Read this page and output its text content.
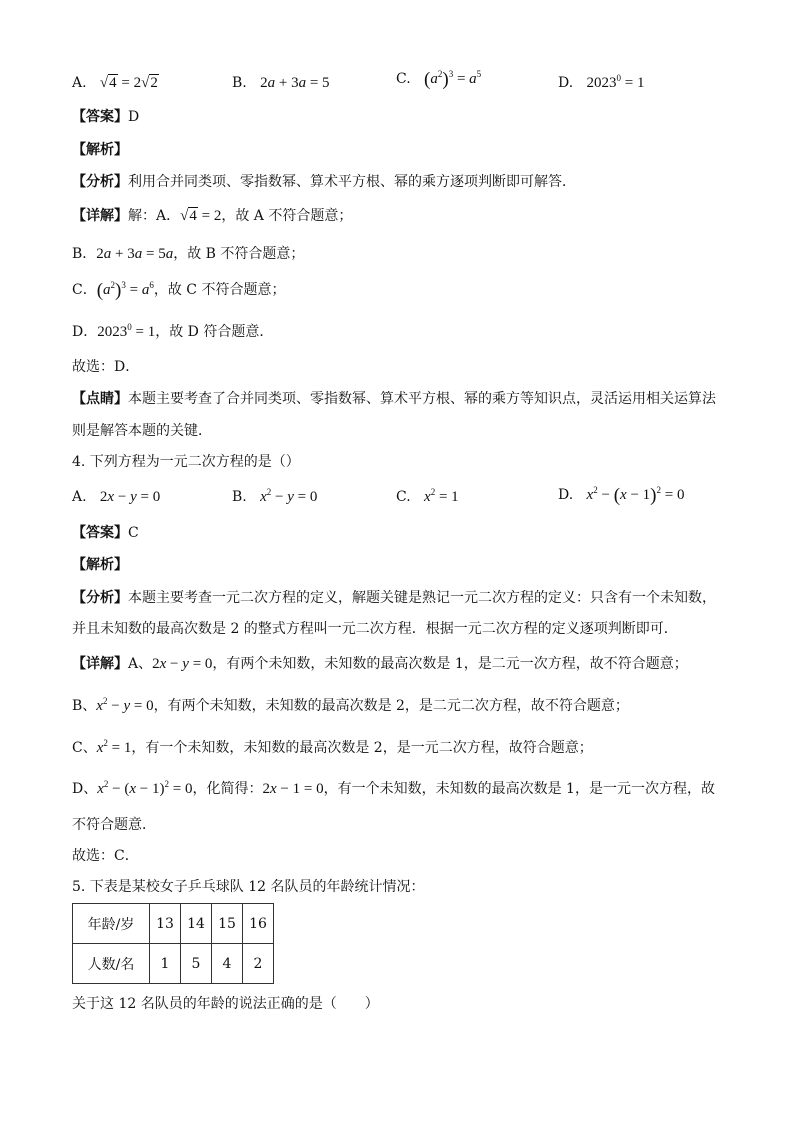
A. √4 = 2√2	B. 2a + 3a = 5	C. $(a^2)^3 = a^5$
D. $2023^0 = 1$
【答案】D
【解析】
【分析】利用合并同类项、零指数幂、算术平方根、幂的乘方逐项判断即可解答．
【详解】解：A．√4 = 2，故 A 不符合题意；
B．2a + 3a = 5a，故 B 不符合题意；
C．$(a^2)^3 = a^6$，故 C 不符合题意；
D．$2023^0 = 1$，故 D 符合题意．
故选：D．
【点睛】本题主要考查了合并同类项、零指数幂、算术平方根、幂的乘方等知识点，灵活运用相关运算法
则是解答本题的关键．
4. 下列方程为一元二次方程的是（）
A. 2x − y = 0	B. $x^2 - y = 0$	C. $x^2 = 1$	D. $x^2 - (x - 1)^2 = 0$
【答案】C
【解析】
【分析】本题主要考查一元二次方程的定义，解题关键是熟记一元二次方程的定义：只含有一个未知数，
并且未知数的最高次数是 2 的整式方程叫一元二次方程．根据一元二次方程的定义逐项判断即可．
【详解】A、2x − y = 0，有两个未知数，未知数的最高次数是 1，是二元一次方程，故不符合题意；
B、$x^2 - y = 0$，有两个未知数，未知数的最高次数是 2，是二元二次方程，故不符合题意；
C、$x^2 = 1$，有一个未知数，未知数的最高次数是 2，是一元二次方程，故符合题意；
D、$x^2 - (x - 1)^2 = 0$，化简得：2x − 1 = 0，有一个未知数，未知数的最高次数是 1，是一元一次方程，故
不符合题意．
故选：C．
5. 下表是某校女子乒乓球队 12 名队员的年龄统计情况：
年龄/岁	13	14	15	16
人数/名	1	5	4	2
关于这 12 名队员的年龄的说法正确的是（　　）
